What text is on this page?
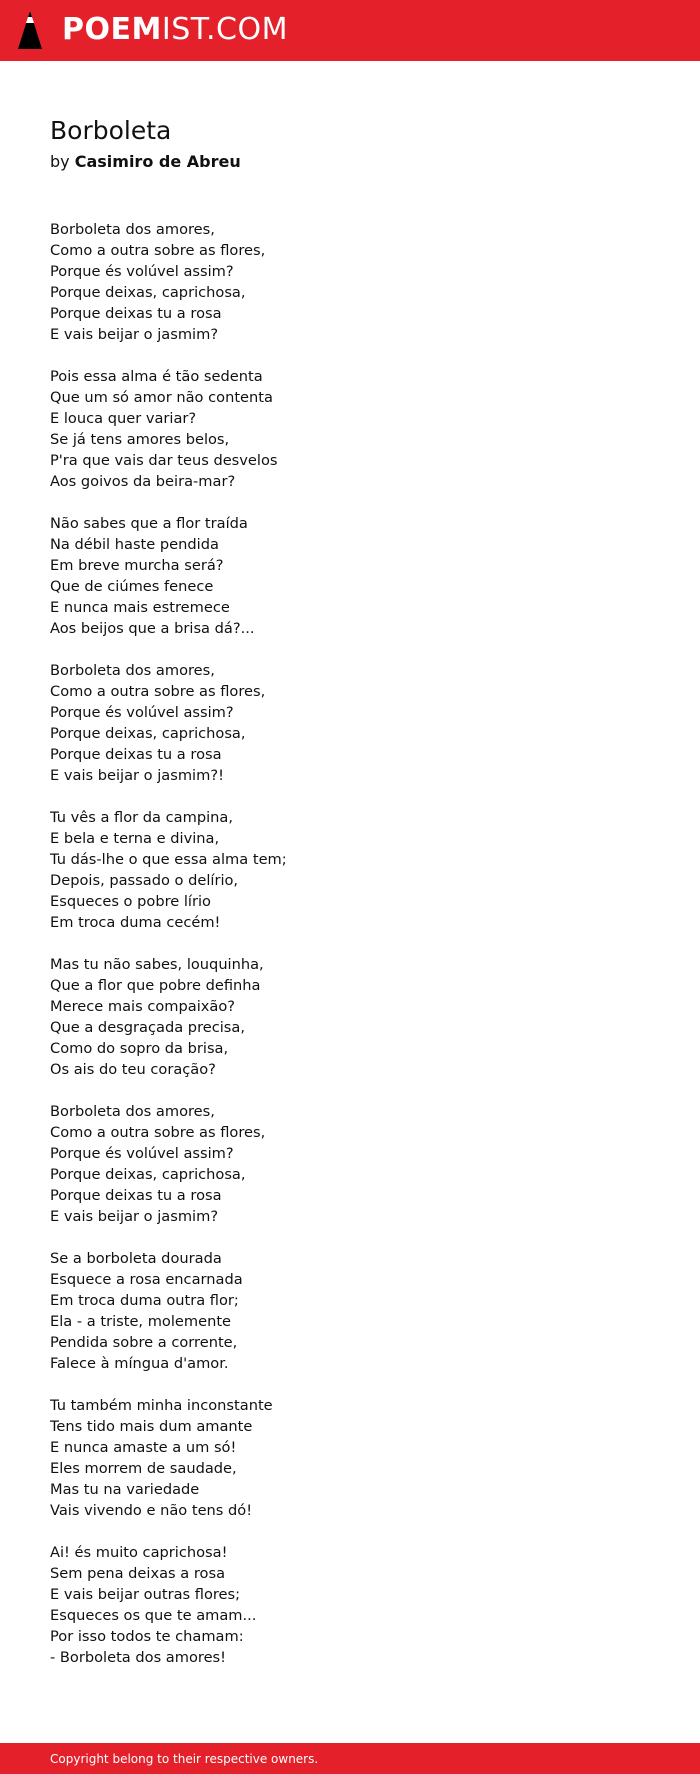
POEMIST.COM
Borboleta

by Casimiro de Abreu

Borboleta dos amores,
Como a outra sobre as flores,
Porque és volúvel assim?
Porque deixas, caprichosa,
Porque deixas tu a rosa
E vais beijar o jasmim?

Pois essa alma é tão sedenta
Que um só amor não contenta
E louca quer variar?
Se já tens amores belos,
P'ra que vais dar teus desvelos
Aos goivos da beira-mar?

Não sabes que a flor traída
Na débil haste pendida
Em breve murcha será?
Que de ciúmes fenece
E nunca mais estremece
Aos beijos que a brisa dá?...

Borboleta dos amores,
Como a outra sobre as flores,
Porque és volúvel assim?
Porque deixas, caprichosa,
Porque deixas tu a rosa
E vais beijar o jasmim?!

Tu vês a flor da campina,
E bela e terna e divina,
Tu dás-lhe o que essa alma tem;
Depois, passado o delírio,
Esqueces o pobre lírio
Em troca duma cecém!

Mas tu não sabes, louquinha,
Que a flor que pobre definha
Merece mais compaixão?
Que a desgraçada precisa,
Como do sopro da brisa,
Os ais do teu coração?

Borboleta dos amores,
Como a outra sobre as flores,
Porque és volúvel assim?
Porque deixas, caprichosa,
Porque deixas tu a rosa
E vais beijar o jasmim?

Se a borboleta dourada
Esquece a rosa encarnada
Em troca duma outra flor;
Ela - a triste, molemente
Pendida sobre a corrente,
Falece à míngua d'amor.

Tu também minha inconstante
Tens tido mais dum amante
E nunca amaste a um só!
Eles morrem de saudade,
Mas tu na variedade
Vais vivendo e não tens dó!

Ai! és muito caprichosa!
Sem pena deixas a rosa
E vais beijar outras flores;
Esqueces os que te amam...
Por isso todos te chamam:
- Borboleta dos amores!

Copyright belong to their respective owners.
